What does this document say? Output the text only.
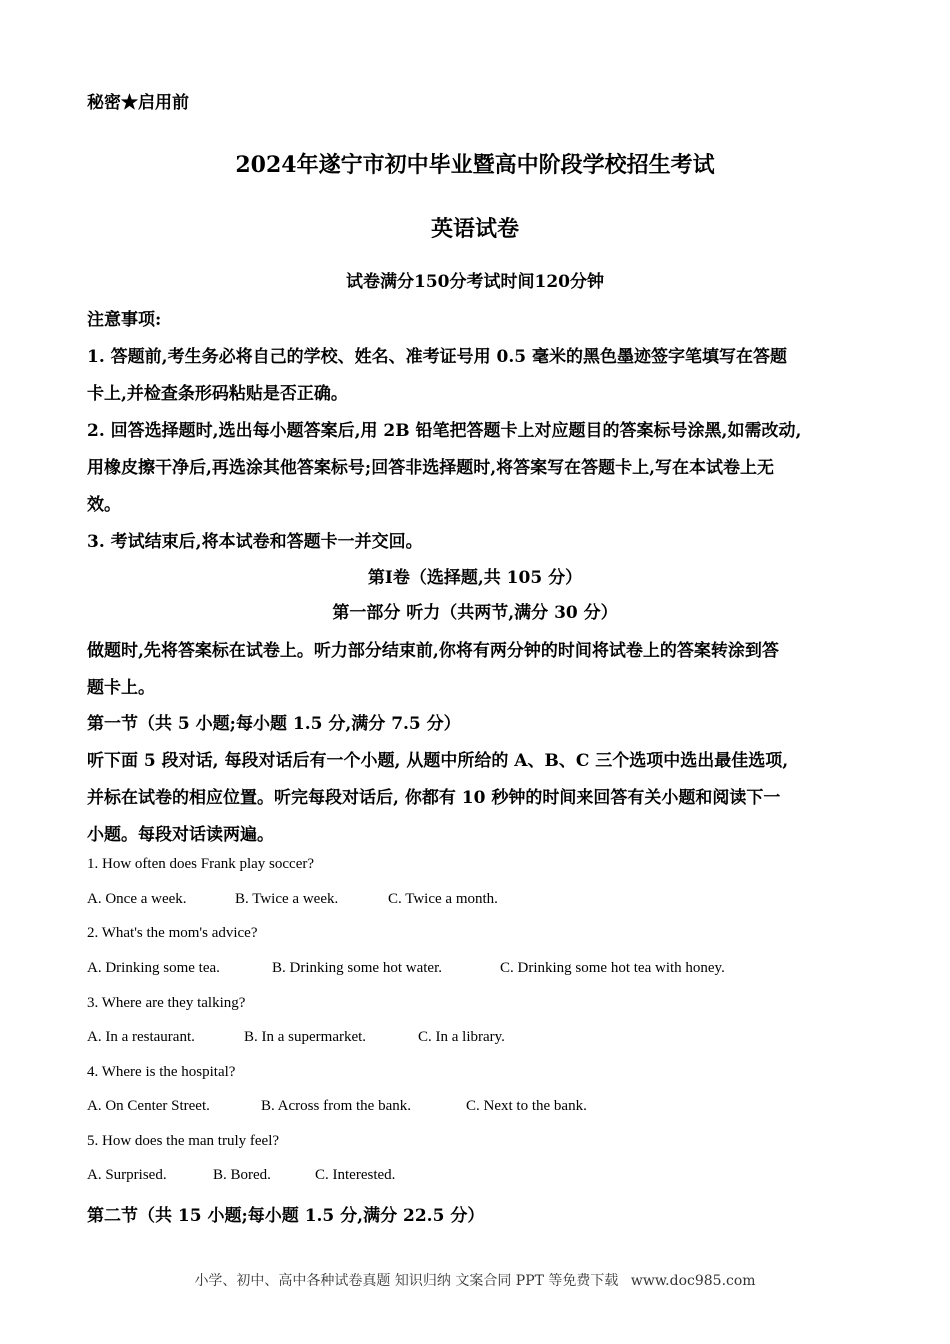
秘密★启用前
2024年遂宁市初中毕业暨高中阶段学校招生考试
英语试卷
试卷满分150分考试时间120分钟
注意事项:
1. 答题前,考生务必将自己的学校、姓名、准考证号用 0.5 毫米的黑色墨迹签字笔填写在答题
卡上,并检查条形码粘贴是否正确。
2. 回答选择题时,选出每小题答案后,用 2B 铅笔把答题卡上对应题目的答案标号涂黑,如需改动,
用橡皮擦干净后,再选涂其他答案标号;回答非选择题时,将答案写在答题卡上,写在本试卷上无
效。
3. 考试结束后,将本试卷和答题卡一并交回。
第Ⅰ卷（选择题,共 105 分）
第一部分 听力（共两节,满分 30 分）
做题时,先将答案标在试卷上。听力部分结束前,你将有两分钟的时间将试卷上的答案转涂到答
题卡上。
第一节（共 5 小题;每小题 1.5 分,满分 7.5 分）
听下面 5 段对话, 每段对话后有一个小题, 从题中所给的 A、B、C 三个选项中选出最佳选项,
并标在试卷的相应位置。听完每段对话后, 你都有 10 秒钟的时间来回答有关小题和阅读下一
小题。每段对话读两遍。
1. How often does Frank play soccer?
A. Once a week.	B. Twice a week.	C. Twice a month.
2. What's the mom's advice?
A. Drinking some tea.	B. Drinking some hot water.	C. Drinking some hot tea with honey.
3. Where are they talking?
A. In a restaurant.	B. In a supermarket.	C. In a library.
4. Where is the hospital?
A. On Center Street.	B. Across from the bank.	C. Next to the bank.
5. How does the man truly feel?
A. Surprised.	B. Bored.	C. Interested.
第二节（共 15 小题;每小题 1.5 分,满分 22.5 分）
小学、初中、高中各种试卷真题 知识归纳 文案合同 PPT 等免费下载 www.doc985.com
